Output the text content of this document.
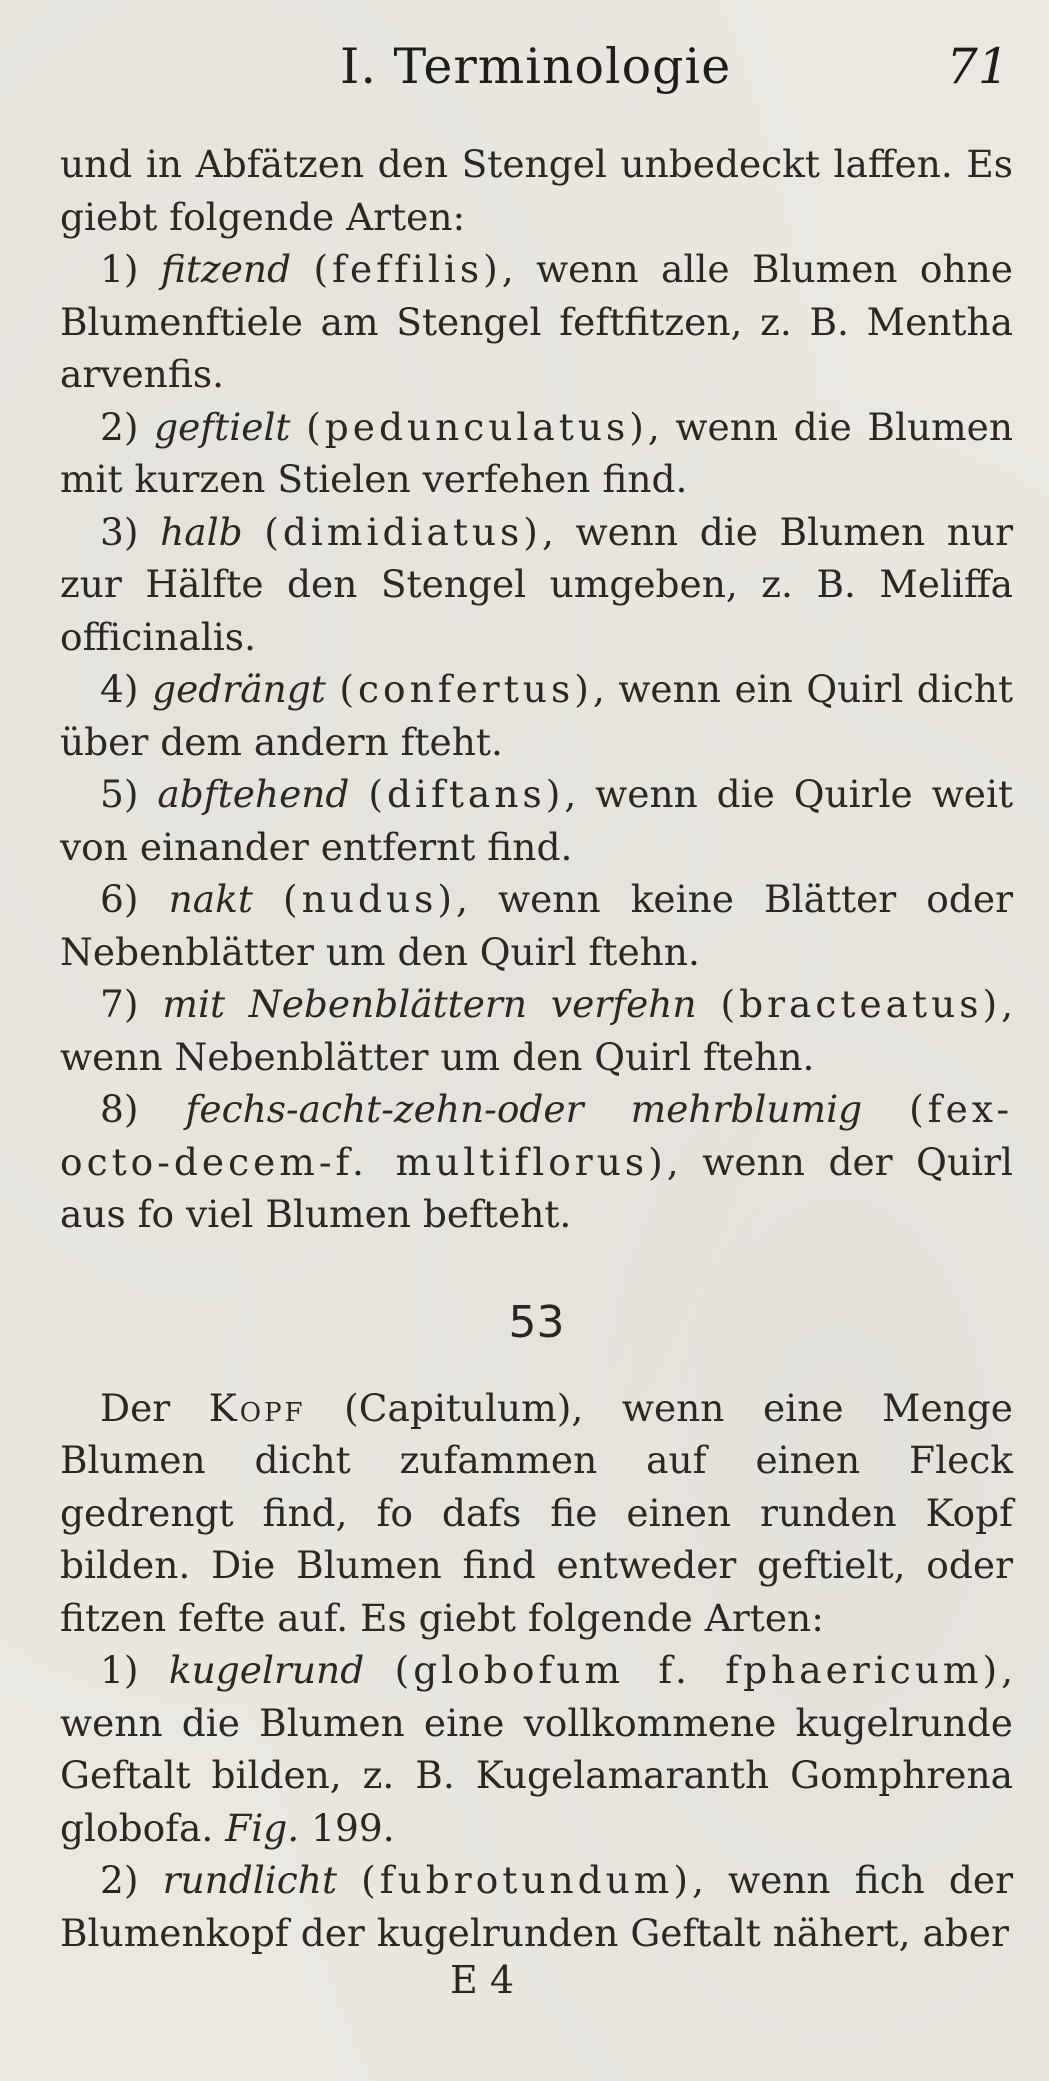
I. Terminologie	71

und in Abfätzen den Stengel unbedeckt laffen. Es giebt folgende Arten:

1) fitzend (feffilis), wenn alle Blumen ohne Blumenftiele am Stengel feftfitzen, z. B. Mentha arvenfis.

2) geftielt (pedunculatus), wenn die Blumen mit kurzen Stielen verfehen find.

3) halb (dimidiatus), wenn die Blumen nur zur Hälfte den Stengel umgeben, z. B. Meliffa officinalis.

4) gedrängt (confertus), wenn ein Quirl dicht über dem andern fteht.

5) abftehend (diftans), wenn die Quirle weit von einander entfernt find.

6) nakt (nudus), wenn keine Blätter oder Nebenblätter um den Quirl ftehn.

7) mit Nebenblättern verfehn (bracteatus), wenn Nebenblätter um den Quirl ftehn.

8) fechs-acht-zehn-oder mehrblumig (fex-octo-decem-f. multiflorus), wenn der Quirl aus fo viel Blumen befteht.

53

Der Kopf (Capitulum), wenn eine Menge Blumen dicht zufammen auf einen Fleck gedrengt find, fo dafs fie einen runden Kopf bilden. Die Blumen find entweder geftielt, oder fitzen fefte auf. Es giebt folgende Arten:

1) kugelrund (globofum f. fphaericum), wenn die Blumen eine vollkommene kugelrunde Geftalt bilden, z. B. Kugelamaranth Gomphrena globofa. Fig. 199.

2) rundlicht (fubrotundum), wenn fich der Blumenkopf der kugelrunden Geftalt nähert, aber

E 4
